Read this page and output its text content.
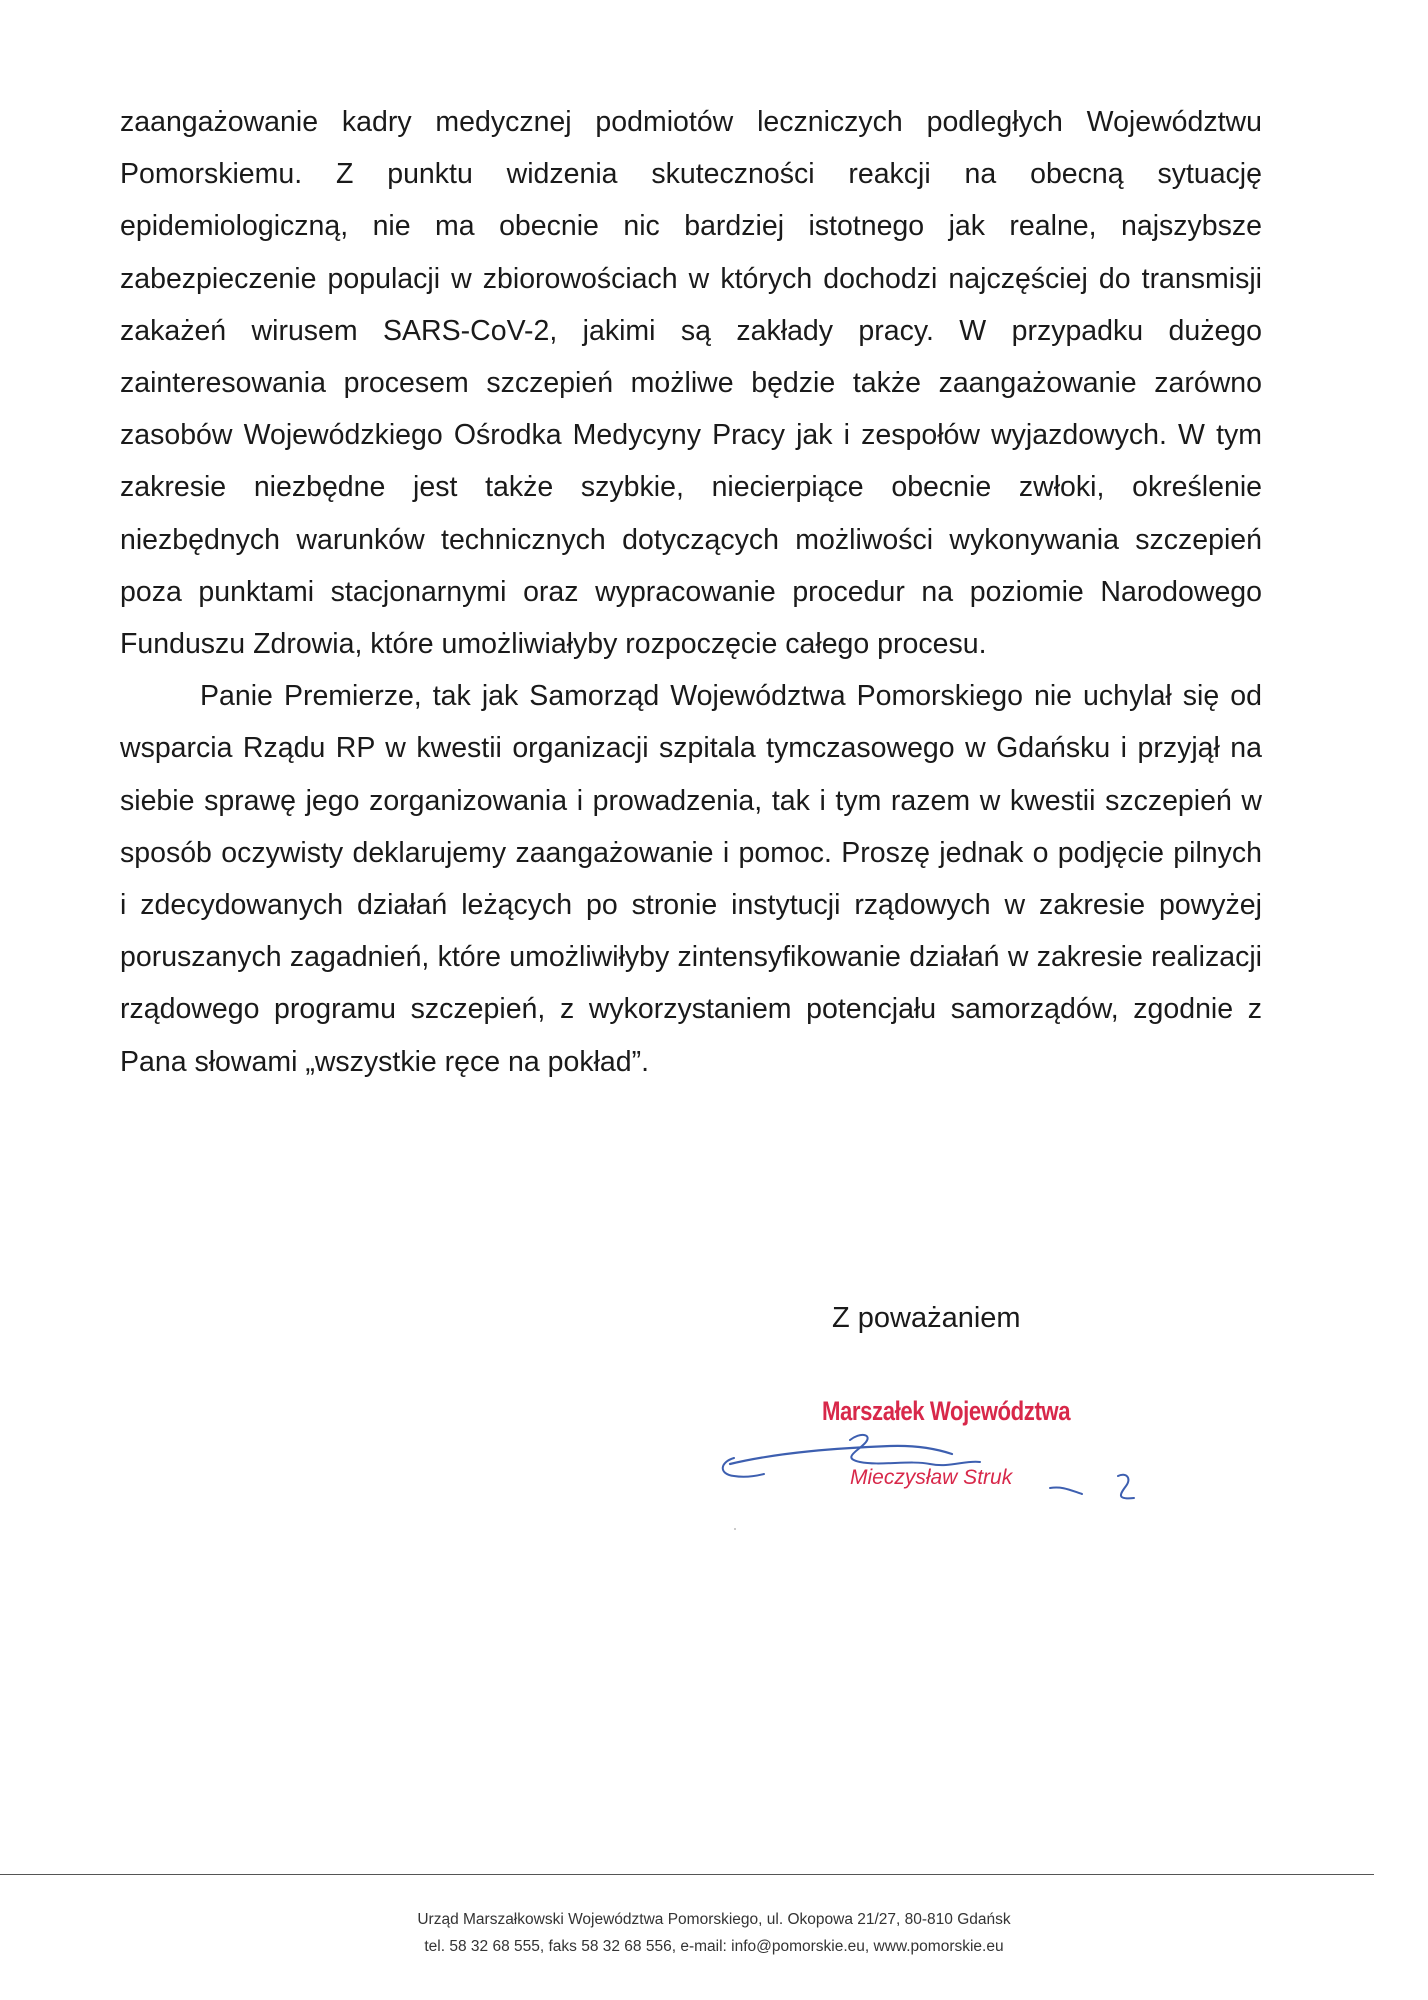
zaangażowanie kadry medycznej podmiotów leczniczych podległych Województwu Pomorskiemu. Z punktu widzenia skuteczności reakcji na obecną sytuację epidemiologiczną, nie ma obecnie nic bardziej istotnego jak realne, najszybsze zabezpieczenie populacji w zbiorowościach w których dochodzi najczęściej do transmisji zakażeń wirusem SARS-CoV-2, jakimi są zakłady pracy. W przypadku dużego zainteresowania procesem szczepień możliwe będzie także zaangażowanie zarówno zasobów Wojewódzkiego Ośrodka Medycyny Pracy jak i zespołów wyjazdowych. W tym zakresie niezbędne jest także szybkie, niecierpiące obecnie zwłoki, określenie niezbędnych warunków technicznych dotyczących możliwości wykonywania szczepień poza punktami stacjonarnymi oraz wypracowanie procedur na poziomie Narodowego Funduszu Zdrowia, które umożliwiałyby rozpoczęcie całego procesu.

Panie Premierze, tak jak Samorząd Województwa Pomorskiego nie uchylał się od wsparcia Rządu RP w kwestii organizacji szpitala tymczasowego w Gdańsku i przyjął na siebie sprawę jego zorganizowania i prowadzenia, tak i tym razem w kwestii szczepień w sposób oczywisty deklarujemy zaangażowanie i pomoc. Proszę jednak o podjęcie pilnych i zdecydowanych działań leżących po stronie instytucji rządowych w zakresie powyżej poruszanych zagadnień, które umożliwiłyby zintensyfikowanie działań w zakresie realizacji rządowego programu szczepień, z wykorzystaniem potencjału samorządów, zgodnie z Pana słowami „wszystkie ręce na pokład”.

Z poważaniem
Marszałek Województwa
Mieczysław Struk
Urząd Marszałkowski Województwa Pomorskiego, ul. Okopowa 21/27, 80-810 Gdańsk
tel. 58 32 68 555, faks 58 32 68 556, e-mail: info@pomorskie.eu, www.pomorskie.eu
